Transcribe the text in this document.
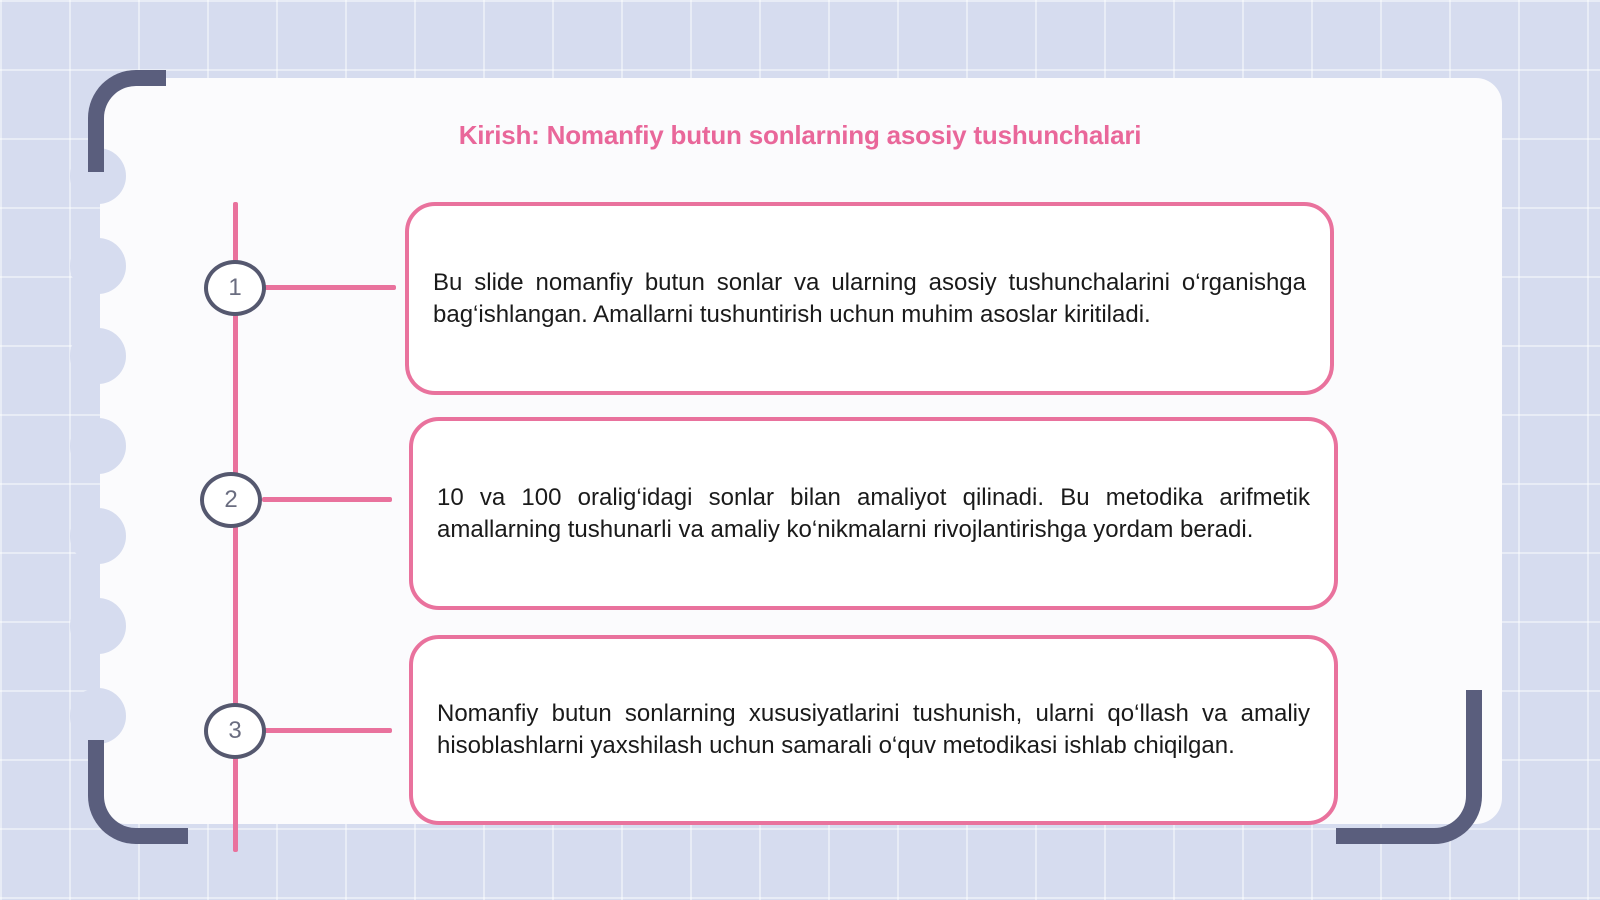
Kirish: Nomanfiy butun sonlarning asosiy tushunchalari
1
2
3
Bu slide nomanfiy butun sonlar va ularning asosiy tushunchalarini o‘rganishga bag‘ishlangan. Amallarni tushuntirish uchun muhim asoslar kiritiladi.
10 va 100 oralig‘idagi sonlar bilan amaliyot qilinadi. Bu metodika arifmetik amallarning tushunarli va amaliy ko‘nikmalarni rivojlantirishga yordam beradi.
Nomanfiy butun sonlarning xususiyatlarini tushunish, ularni qo‘llash va amaliy hisoblashlarni yaxshilash uchun samarali o‘quv metodikasi ishlab chiqilgan.
